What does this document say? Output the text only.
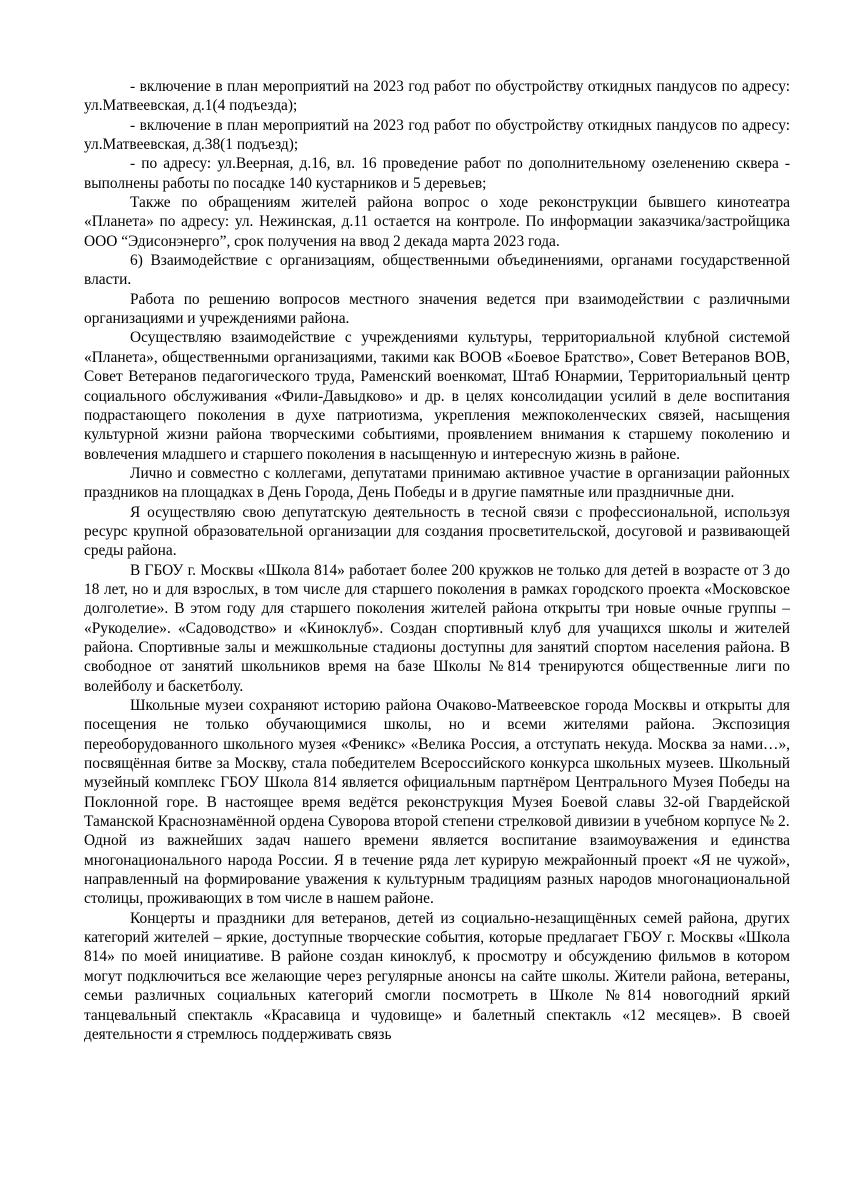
- включение в план мероприятий на 2023 год работ по обустройству откидных пандусов по адресу: ул.Матвеевская, д.1(4 подъезда);

- включение в план мероприятий на 2023 год работ по обустройству откидных пандусов по адресу: ул.Матвеевская, д.38(1 подъезд);

- по адресу: ул.Веерная, д.16, вл. 16 проведение работ по дополнительному озеленению сквера - выполнены работы по посадке 140 кустарников и 5 деревьев;

Также по обращениям жителей района вопрос о ходе реконструкции бывшего кинотеатра «Планета» по адресу: ул. Нежинская, д.11 остается на контроле. По информации заказчика/застройщика ООО “Эдисонэнерго”, срок получения на ввод 2 декада марта 2023 года.

6) Взаимодействие с организациям, общественными объединениями, органами государственной власти.

Работа по решению вопросов местного значения ведется при взаимодействии с различными организациями и учреждениями района.

Осуществляю взаимодействие с учреждениями культуры, территориальной клубной системой «Планета», общественными организациями, такими как ВООВ «Боевое Братство», Совет Ветеранов ВОВ, Совет Ветеранов педагогического труда, Раменский военкомат, Штаб Юнармии, Территориальный центр социального обслуживания «Фили-Давыдково» и др. в целях консолидации усилий в деле воспитания подрастающего поколения в духе патриотизма, укрепления межпоколенческих связей, насыщения культурной жизни района творческими событиями, проявлением внимания к старшему поколению и вовлечения младшего и старшего поколения в насыщенную и интересную жизнь в районе.

Лично и совместно с коллегами, депутатами принимаю активное участие в организации районных праздников на площадках в День Города, День Победы и в другие памятные или праздничные дни.

Я осуществляю свою депутатскую деятельность в тесной связи с профессиональной, используя ресурс крупной образовательной организации для создания просветительской, досуговой и развивающей среды района.

В ГБОУ г. Москвы «Школа 814» работает более 200 кружков не только для детей в возрасте от 3 до 18 лет, но и для взрослых, в том числе для старшего поколения в рамках городского проекта «Московское долголетие». В этом году для старшего поколения жителей района открыты три новые очные группы – «Рукоделие». «Садоводство» и «Киноклуб». Создан спортивный клуб для учащихся школы и жителей района. Спортивные залы и межшкольные стадионы доступны для занятий спортом населения района. В свободное от занятий школьников время на базе Школы №814 тренируются общественные лиги по волейболу и баскетболу.

Школьные музеи сохраняют историю района Очаково-Матвеевское города Москвы и открыты для посещения не только обучающимися школы, но и всеми жителями района. Экспозиция переоборудованного школьного музея «Феникс» «Велика Россия, а отступать некуда. Москва за нами…», посвящённая битве за Москву, стала победителем Всероссийского конкурса школьных музеев. Школьный музейный комплекс ГБОУ Школа 814 является официальным партнёром Центрального Музея Победы на Поклонной горе. В настоящее время ведётся реконструкция Музея Боевой славы 32-ой Гвардейской Таманской Краснознамённой ордена Суворова второй степени стрелковой дивизии в учебном корпусе № 2.

Одной из важнейших задач нашего времени является воспитание взаимоуважения и единства многонационального народа России. Я в течение ряда лет курирую межрайонный проект «Я не чужой», направленный на формирование уважения к культурным традициям разных народов многонациональной столицы, проживающих в том числе в нашем районе.

Концерты и праздники для ветеранов, детей из социально-незащищённых семей района, других категорий жителей – яркие, доступные творческие события, которые предлагает ГБОУ г. Москвы «Школа 814» по моей инициативе. В районе создан киноклуб, к просмотру и обсуждению фильмов в котором могут подключиться все желающие через регулярные анонсы на сайте школы. Жители района, ветераны, семьи различных социальных категорий смогли посмотреть в Школе №814 новогодний яркий танцевальный спектакль «Красавица и чудовище» и балетный спектакль «12 месяцев». В своей деятельности я стремлюсь поддерживать связь
